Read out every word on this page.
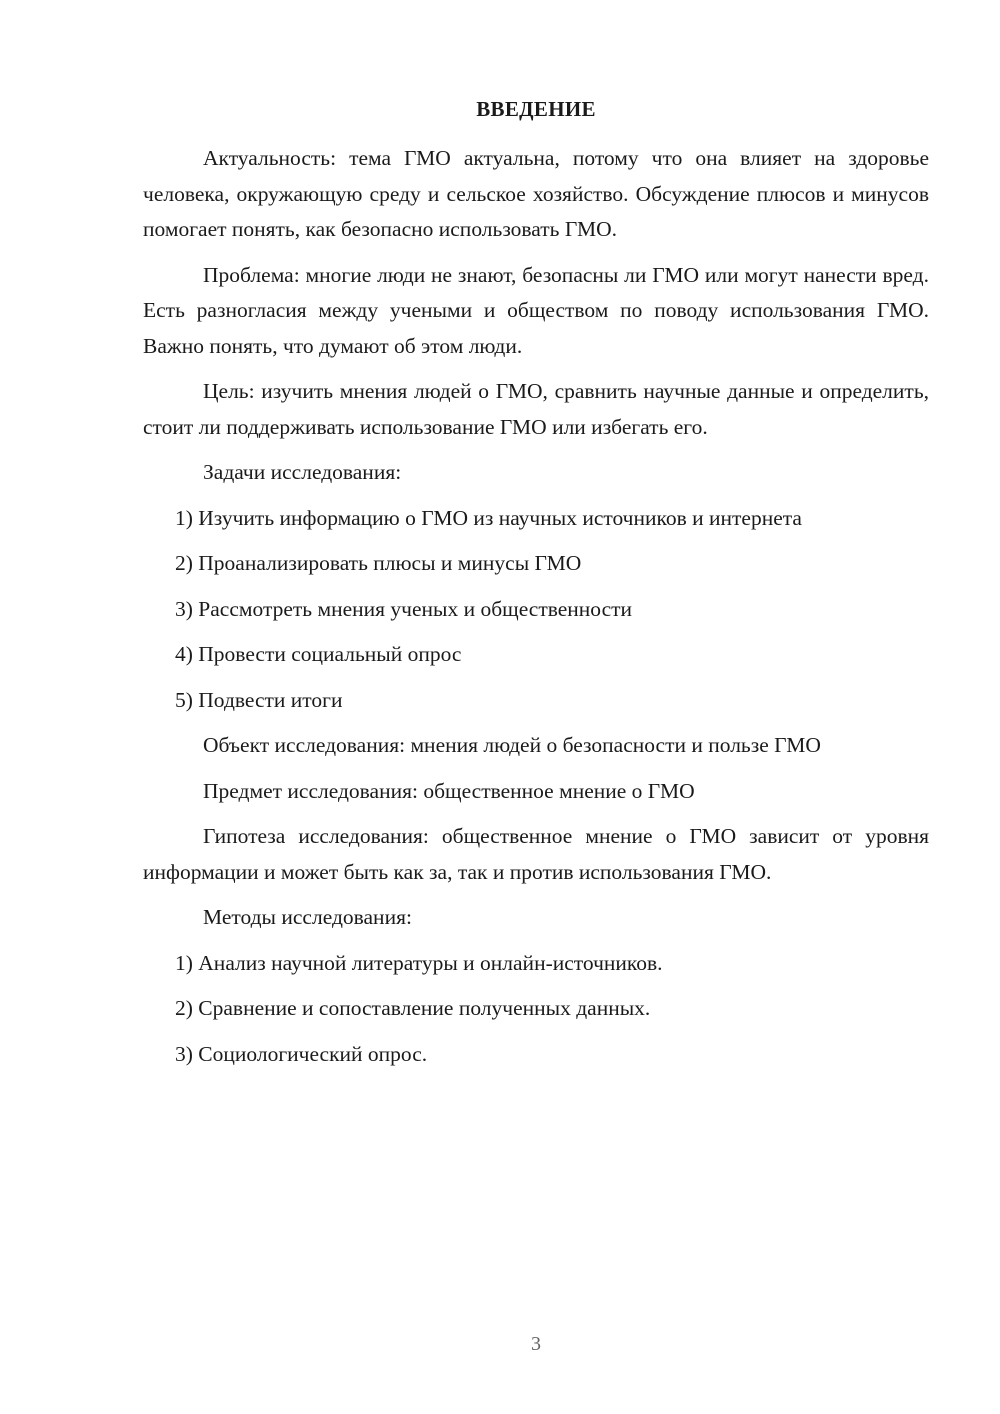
ВВЕДЕНИЕ

Актуальность: тема ГМО актуальна, потому что она влияет на здоровье человека, окружающую среду и сельское хозяйство. Обсуждение плюсов и минусов помогает понять, как безопасно использовать ГМО.

Проблема: многие люди не знают, безопасны ли ГМО или могут нанести вред. Есть разногласия между учеными и обществом по поводу использования ГМО. Важно понять, что думают об этом люди.

Цель: изучить мнения людей о ГМО, сравнить научные данные и определить, стоит ли поддерживать использование ГМО или избегать его.

Задачи исследования:

1) Изучить информацию о ГМО из научных источников и интернета

2) Проанализировать плюсы и минусы ГМО

3) Рассмотреть мнения ученых и общественности

4) Провести социальный опрос

5) Подвести итоги

Объект исследования: мнения людей о безопасности и пользе ГМО

Предмет исследования: общественное мнение о ГМО

Гипотеза исследования: общественное мнение о ГМО зависит от уровня информации и может быть как за, так и против использования ГМО.

Методы исследования:

1) Анализ научной литературы и онлайн-источников.

2) Сравнение и сопоставление полученных данных.

3) Социологический опрос.

3
